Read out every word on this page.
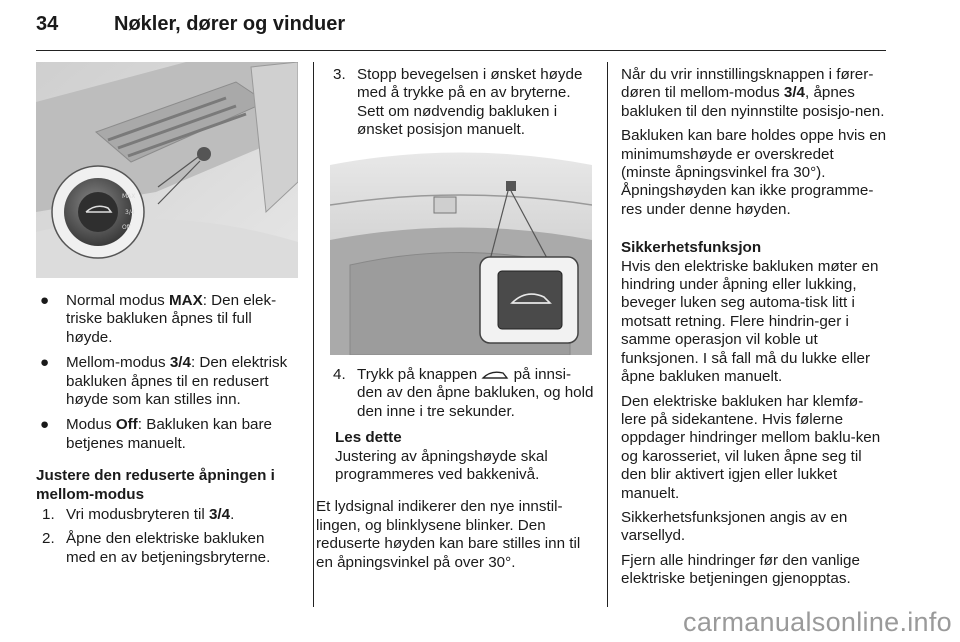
34	Nøkler, dører og vinduer
MAX
3/4
Off
● Normal modus MAX: Den elek-triske bakluken åpnes til full høyde.
● Mellom-modus 3/4: Den elektrisk bakluken åpnes til en redusert høyde som kan stilles inn.
● Modus Off: Bakluken kan bare betjenes manuelt.

Justere den reduserte åpningen i mellom-modus

1. Vri modusbryteren til 3/4.
2. Åpne den elektriske bakluken med en av betjeningsbryterne.
3. Stopp bevegelsen i ønsket høyde med å trykke på en av bryterne. Sett om nødvendig bakluken i ønsket posisjon manuelt.
4. Trykk på knappen  på innsi-den av den åpne bakluken, og hold den inne i tre sekunder.

Les dette

Justering av åpningshøyde skal programmeres ved bakkenivå.

Et lydsignal indikerer den nye innstil-lingen, og blinklysene blinker. Den reduserte høyden kan bare stilles inn til en åpningsvinkel på over 30°.

Når du vrir innstillingsknappen i fører-døren til mellom-modus 3/4, åpnes bakluken til den nyinnstilte posisjo-nen.

Bakluken kan bare holdes oppe hvis en minimumshøyde er overskredet (minste åpningsvinkel fra 30°).

Åpningshøyden kan ikke programme-res under denne høyden.

Sikkerhetsfunksjon

Hvis den elektriske bakluken møter en hindring under åpning eller lukking, beveger luken seg automa-tisk litt i motsatt retning. Flere hindrin-ger i samme operasjon vil koble ut funksjonen. I så fall må du lukke eller åpne bakluken manuelt.

Den elektriske bakluken har klemfø-lere på sidekantene. Hvis følerne oppdager hindringer mellom baklu-ken og karosseriet, vil luken åpne seg til den blir aktivert igjen eller lukket manuelt.

Sikkerhetsfunksjonen angis av en varsellyd.

Fjern alle hindringer før den vanlige elektriske betjeningen gjenopptas.

carmanualsonline.info
